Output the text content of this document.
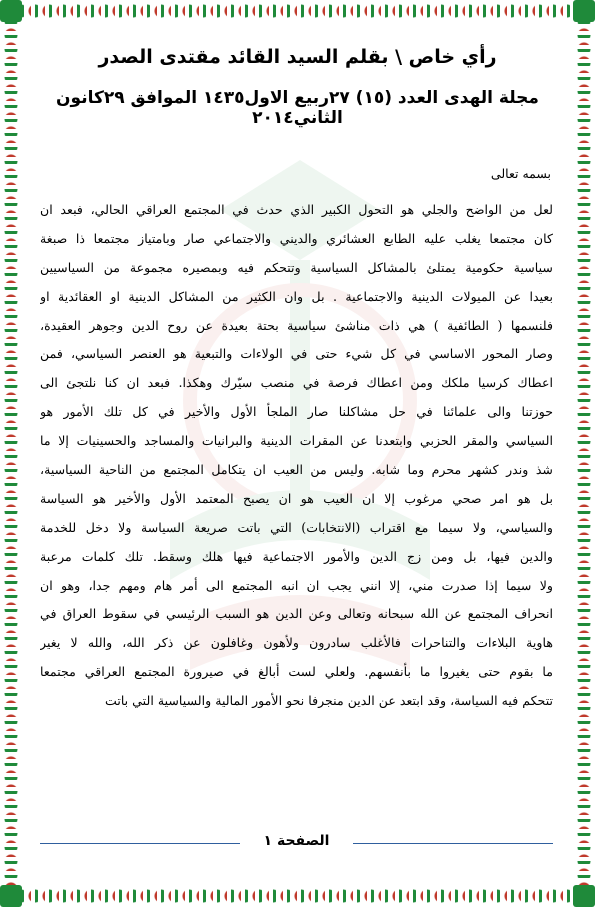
رأي خاص \ بقلم السيد القائد مقتدى الصدر
مجلة الهدى العدد (١٥) ٢٧ربيع الاول١٤٣٥ الموافق ٢٩كانون الثاني٢٠١٤
بسمه تعالى
لعل من الواضح والجلي هو التحول الكبير الذي حدث في المجتمع العراقي الحالي، فبعد ان
كان مجتمعا يغلب عليه الطابع العشائري والديني والاجتماعي صار وبامتياز مجتمعا ذا صبغة
سياسية حكومية يمتلئ بالمشاكل السياسية وتتحكم فيه وبمصيره مجموعة من السياسيين
بعيدا عن الميولات الدينية والاجتماعية . بل وان الكثير من المشاكل الدينية او العقائدية او
فلنسمها ( الطائفية ) هي ذات مناشئ سياسية بحتة بعيدة عن روح الدين وجوهر العقيدة،
وصار المحور الاساسي في كل شيء حتى في الولاءات والتبعية هو العنصر السياسي، فمن
اعطاك كرسيا ملكك ومن اعطاك فرصة في منصب سيّرك وهكذا. فبعد ان كنا نلتجئ الى
حوزتنا والى علمائنا في حل مشاكلنا صار الملجأ الأول والأخير في كل تلك الأمور هو
السياسي والمقر الحزبي وابتعدنا عن المقرات الدينية والبرانيات والمساجد والحسينيات إلا ما
شذ وندر كشهر محرم وما شابه. وليس من العيب ان يتكامل المجتمع من الناحية السياسية،
بل هو امر صحي مرغوب إلا ان العيب هو ان يصبح المعتمد الأول والأخير هو السياسة
والسياسي، ولا سيما مع اقتراب (الانتخابات) التي باتت صريعة السياسة ولا دخل للخدمة
والدين فيها، بل ومن زج الدين والأمور الاجتماعية فيها هلك وسقط. تلك كلمات مرعبة
ولا سيما إذا صدرت مني، إلا انني يجب ان انبه المجتمع الى أمر هام ومهم جدا، وهو ان
انحراف المجتمع عن الله سبحانه وتعالى وعن الدين هو السبب الرئيسي في سقوط العراق في
هاوية البلاءات والتناحرات فالأغلب سادرون ولأهون وغافلون عن ذكر الله، والله لا يغير
ما بقوم حتى يغيروا ما بأنفسهم. ولعلي لست أبالغ في صيرورة المجتمع العراقي مجتمعا
تتحكم فيه السياسة، وقد ابتعد عن الدين منجرفا نحو الأمور المالية والسياسية التي باتت
الصفحة ١
